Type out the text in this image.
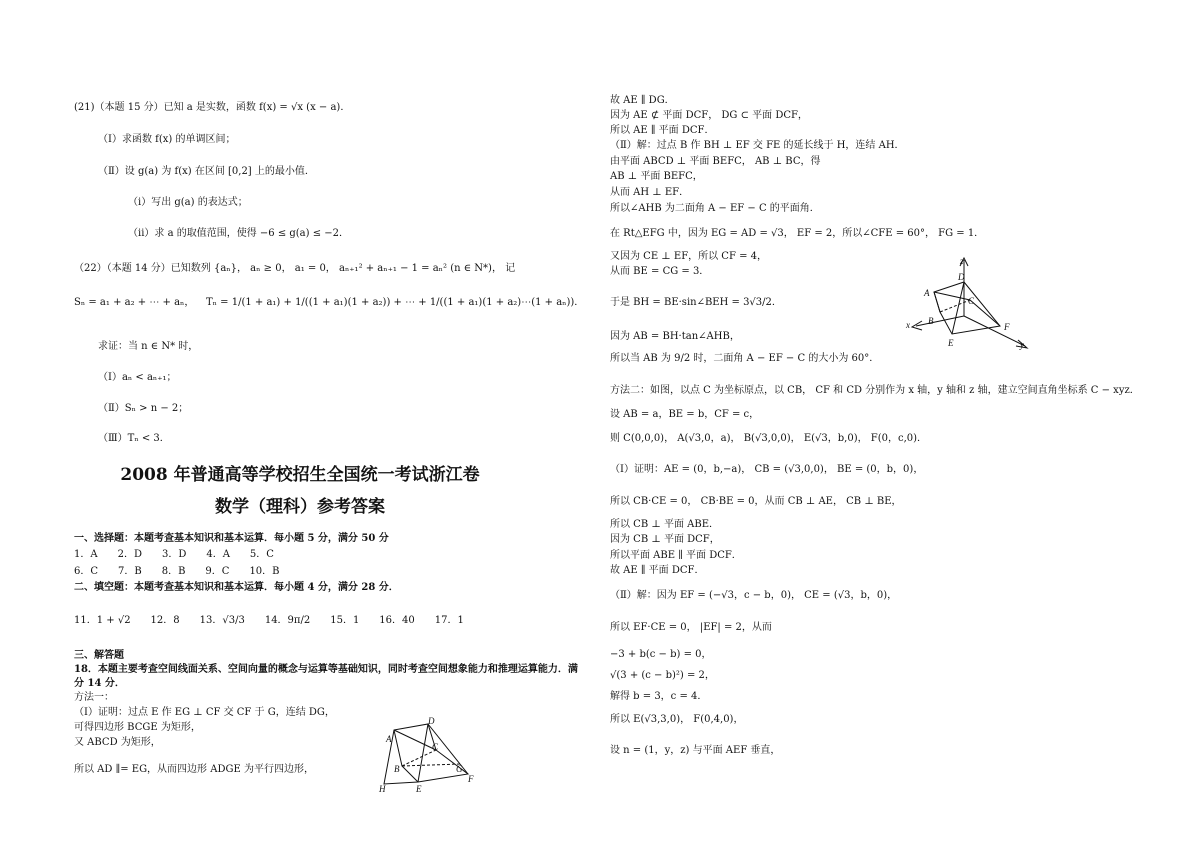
(21)（本题 15 分）已知 a 是实数，函数 f(x) = √x (x − a)．
（Ⅰ）求函数 f(x) 的单调区间；
（Ⅱ）设 g(a) 为 f(x) 在区间 [0,2] 上的最小值．
（i）写出 g(a) 的表达式；
（ii）求 a 的取值范围，使得 −6 ≤ g(a) ≤ −2．
（22）（本题 14 分）已知数列 {aₙ}， aₙ ≥ 0， a₁ = 0， aₙ₊₁² + aₙ₊₁ − 1 = aₙ² (n ∈ N*)， 记
Sₙ = a₁ + a₂ + ⋯ + aₙ， Tₙ = 1/(1 + a₁) + 1/((1 + a₁)(1 + a₂)) + ⋯ + 1/((1 + a₁)(1 + a₂)⋯(1 + aₙ))．
求证：当 n ∈ N* 时，
（Ⅰ）aₙ < aₙ₊₁；
（Ⅱ）Sₙ > n − 2；
（Ⅲ）Tₙ < 3．
2008 年普通高等学校招生全国统一考试浙江卷
数学（理科）参考答案
一、选择题：本题考查基本知识和基本运算．每小题 5 分，满分 50 分
1．A　　2．D　　3．D　　4．A　　5．C
6．C　　7．B　　8．B　　9．C　　10．B
二、填空题：本题考查基本知识和基本运算．每小题 4 分，满分 28 分．
11．1 + √2　　12．8　　13．√3/3　　14．9π/2　　15．1　　16．40　　17．1
三、解答题
18．本题主要考查空间线面关系、空间向量的概念与运算等基础知识，同时考查空间想象能力和推理运算能力．满
分 14 分．
方法一：
（Ⅰ）证明：过点 E 作 EG ⊥ CF 交 CF 于 G，连结 DG，
可得四边形 BCGE 为矩形，
又 ABCD 为矩形，
所以 AD ∥= EG，从而四边形 ADGE 为平行四边形，
A
D
C
B	G
H	E
F
故 AE ∥ DG．
因为 AE ⊄ 平面 DCF， DG ⊂ 平面 DCF，
所以 AE ∥ 平面 DCF．
（Ⅱ）解：过点 B 作 BH ⊥ EF 交 FE 的延长线于 H，连结 AH．
由平面 ABCD ⊥ 平面 BEFC， AB ⊥ BC，得
AB ⊥ 平面 BEFC，
从而 AH ⊥ EF．
所以∠AHB 为二面角 A − EF − C 的平面角．
在 Rt△EFG 中，因为 EG = AD = √3， EF = 2，所以∠CFE = 60°， FG = 1．
又因为 CE ⊥ EF，所以 CF = 4，
从而 BE = CG = 3．
于是 BH = BE·sin∠BEH = 3√3/2．
因为 AB = BH·tan∠AHB，
所以当 AB 为 9/2 时，二面角 A − EF − C 的大小为 60°．
方法二：如图，以点 C 为坐标原点，以 CB， CF 和 CD 分别作为 x 轴，y 轴和 z 轴，建立空间直角坐标系 C − xyz．
设 AB = a，BE = b，CF = c，
则 C(0,0,0)， A(√3,0，a)， B(√3,0,0)， E(√3，b,0)， F(0，c,0)．
（Ⅰ）证明：AE = (0，b,−a)， CB = (√3,0,0)， BE = (0，b，0)，
所以 CB·CE = 0， CB·BE = 0，从而 CB ⊥ AE， CB ⊥ BE，
所以 CB ⊥ 平面 ABE．
因为 CB ⊥ 平面 DCF，
所以平面 ABE ∥ 平面 DCF．
故 AE ∥ 平面 DCF．
（Ⅱ）解：因为 EF = (−√3，c − b，0)， CE = (√3，b，0)，
所以 EF·CE = 0， |EF| = 2，从而
−3 + b(c − b) = 0，
√(3 + (c − b)²) = 2，
解得 b = 3，c = 4．
所以 E(√3,3,0)， F(0,4,0)，
设 n = (1，y，z) 与平面 AEF 垂直，
z
D
A
C
B
x	F
E	y
